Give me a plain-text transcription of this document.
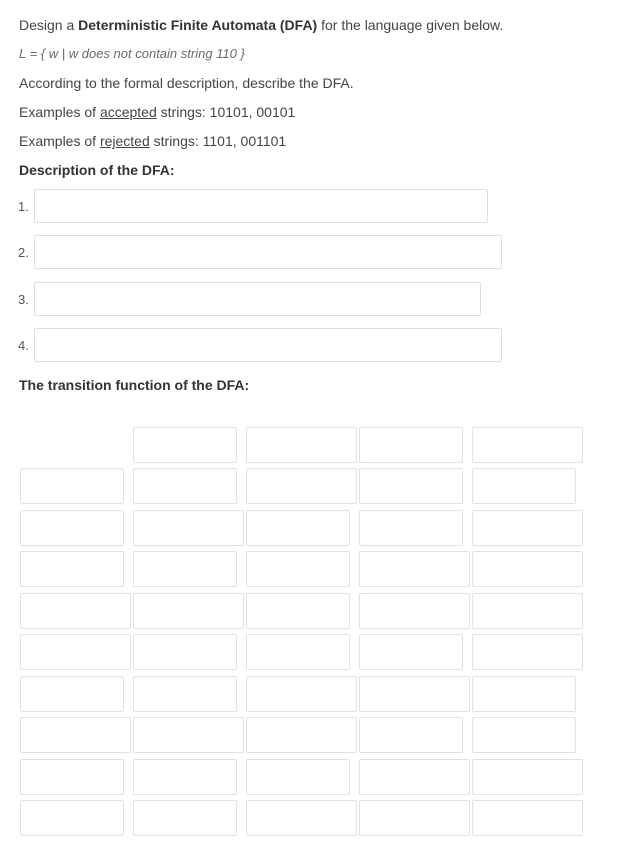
Design a Deterministic Finite Automata (DFA) for the language given below.
L = { w | w does not contain string 110 }
According to the formal description, describe the DFA.
Examples of accepted strings: 10101, 00101
Examples of rejected strings: 1101, 001101
Description of the DFA:
1.
2.
3.
4.
The transition function of the DFA:
